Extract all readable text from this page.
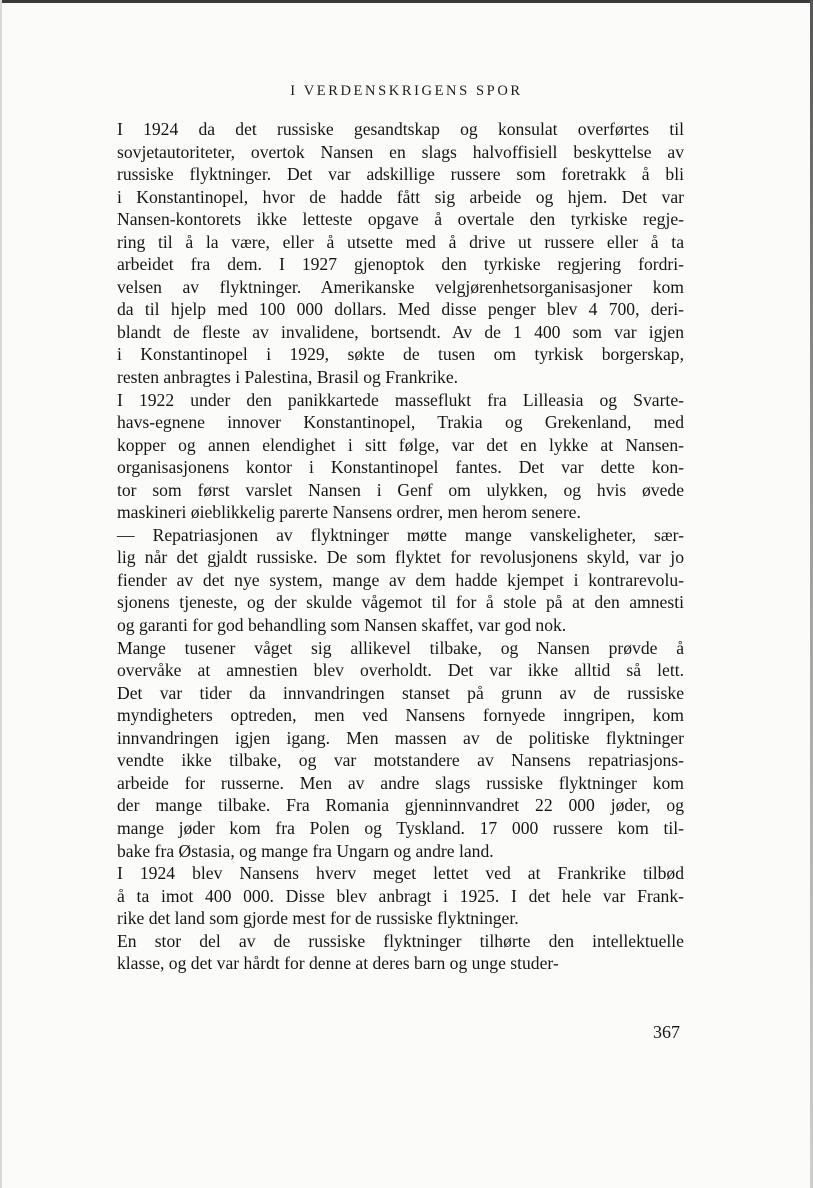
I VERDENSKRIGENS SPOR

I 1924 da det russiske gesandtskap og konsulat overførtes til
sovjetautoriteter, overtok Nansen en slags halvoffisiell beskyttelse av
russiske flyktninger. Det var adskillige russere som foretrakk å bli
i Konstantinopel, hvor de hadde fått sig arbeide og hjem. Det var
Nansen-kontorets ikke letteste opgave å overtale den tyrkiske regje-
ring til å la være, eller å utsette med å drive ut russere eller å ta
arbeidet fra dem. I 1927 gjenoptok den tyrkiske regjering fordri-
velsen av flyktninger. Amerikanske velgjørenhetsorganisasjoner kom
da til hjelp med 100 000 dollars. Med disse penger blev 4 700, deri-
blandt de fleste av invalidene, bortsendt. Av de 1 400 som var igjen
i Konstantinopel i 1929, søkte de tusen om tyrkisk borgerskap,
resten anbragtes i Palestina, Brasil og Frankrike.

I 1922 under den panikkartede masseflukt fra Lilleasia og Svarte-
havs-egnene innover Konstantinopel, Trakia og Grekenland, med
kopper og annen elendighet i sitt følge, var det en lykke at Nansen-
organisasjonens kontor i Konstantinopel fantes. Det var dette kon-
tor som først varslet Nansen i Genf om ulykken, og hvis øvede
maskineri øieblikkelig parerte Nansens ordrer, men herom senere.

— Repatriasjonen av flyktninger møtte mange vanskeligheter, sær-
lig når det gjaldt russiske. De som flyktet for revolusjonens skyld, var jo
fiender av det nye system, mange av dem hadde kjempet i kontrarevolu-
sjonens tjeneste, og der skulde vågemot til for å stole på at den amnesti
og garanti for god behandling som Nansen skaffet, var god nok.

Mange tusener våget sig allikevel tilbake, og Nansen prøvde å
overvåke at amnestien blev overholdt. Det var ikke alltid så lett.
Det var tider da innvandringen stanset på grunn av de russiske
myndigheters optreden, men ved Nansens fornyede inngripen, kom
innvandringen igjen igang. Men massen av de politiske flyktninger
vendte ikke tilbake, og var motstandere av Nansens repatriasjons-
arbeide for russerne. Men av andre slags russiske flyktninger kom
der mange tilbake. Fra Romania gjenninnvandret 22 000 jøder, og
mange jøder kom fra Polen og Tyskland. 17 000 russere kom til-
bake fra Østasia, og mange fra Ungarn og andre land.

I 1924 blev Nansens hverv meget lettet ved at Frankrike tilbød
å ta imot 400 000. Disse blev anbragt i 1925. I det hele var Frank-
rike det land som gjorde mest for de russiske flyktninger.

En stor del av de russiske flyktninger tilhørte den intellektuelle
klasse, og det var hårdt for denne at deres barn og unge studer-

367
